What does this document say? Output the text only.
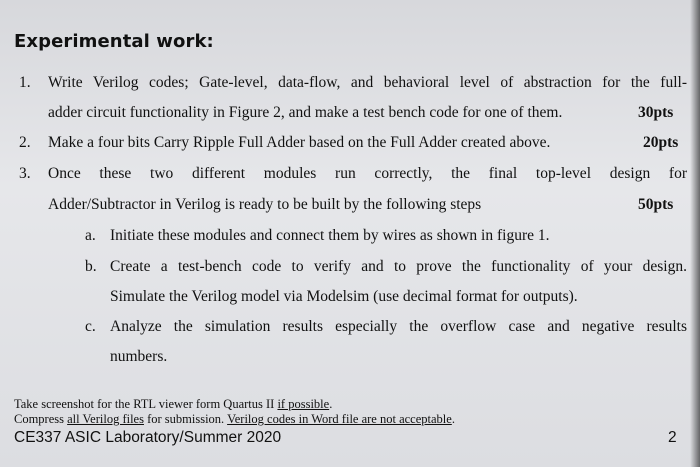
Experimental work:
1. Write Verilog codes; Gate-level, data-flow, and behavioral level of abstraction for the full-
adder circuit functionality in Figure 2, and make a test bench code for one of them.	30pts
2. Make a four bits Carry Ripple Full Adder based on the Full Adder created above.	20pts
3. Once these two different modules run correctly, the final top-level design for
Adder/Subtractor in Verilog is ready to be built by the following steps	50pts
a. Initiate these modules and connect them by wires as shown in figure 1.
b. Create a test-bench code to verify and to prove the functionality of your design.
Simulate the Verilog model via Modelsim (use decimal format for outputs).
c. Analyze the simulation results especially the overflow case and negative results
numbers.
Take screenshot for the RTL viewer form Quartus II if possible.
Compress all Verilog files for submission. Verilog codes in Word file are not acceptable.
CE337 ASIC Laboratory/Summer 2020	2
